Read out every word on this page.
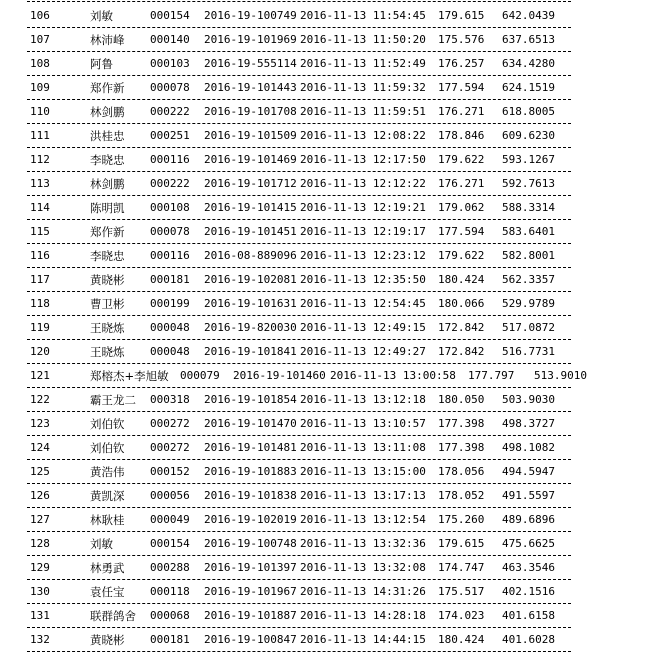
106	刘敏	000154 2016-19-100749 2016-11-13 11:54:45 179.615 642.0439
107	林沛峰 000140 2016-19-101969 2016-11-13 11:50:20 175.576 637.6513
108	阿鲁	000103 2016-19-555114 2016-11-13 11:52:49 176.257 634.4280
109	郑作新 000078 2016-19-101443 2016-11-13 11:59:32 177.594 624.1519
110	林剑鹏 000222 2016-19-101708 2016-11-13 11:59:51 176.271 618.8005
111	洪桂忠 000251 2016-19-101509 2016-11-13 12:08:22 178.846 609.6230
112	李晓忠 000116 2016-19-101469 2016-11-13 12:17:50 179.622 593.1267
113	林剑鹏 000222 2016-19-101712 2016-11-13 12:12:22 176.271 592.7613
114	陈明凯 000108 2016-19-101415 2016-11-13 12:19:21 179.062 588.3314
115	郑作新 000078 2016-19-101451 2016-11-13 12:19:17 177.594 583.6401
116	李晓忠 000116 2016-08-889096 2016-11-13 12:23:12 179.622 582.8001
117	黄晓彬 000181 2016-19-102081 2016-11-13 12:35:50 180.424 562.3357
118	曹卫彬 000199 2016-19-101631 2016-11-13 12:54:45 180.066 529.9789
119	王晓炼 000048 2016-19-820030 2016-11-13 12:49:15 172.842 517.0872
120	王晓炼 000048 2016-19-101841 2016-11-13 12:49:27 172.842 516.7731
121	郑榕杰+李旭敏 000079 2016-19-101460 2016-11-13 13:00:58 177.797 513.9010
122	霸王龙二 000318 2016-19-101854 2016-11-13 13:12:18 180.050 503.9030
123	刘伯钦 000272 2016-19-101470 2016-11-13 13:10:57 177.398 498.3727
124	刘伯钦 000272 2016-19-101481 2016-11-13 13:11:08 177.398 498.1082
125	黄浩伟 000152 2016-19-101883 2016-11-13 13:15:00 178.056 494.5947
126	黄凯深 000056 2016-19-101838 2016-11-13 13:17:13 178.052 491.5597
127	林耿桂 000049 2016-19-102019 2016-11-13 13:12:54 175.260 489.6896
128	刘敏	000154 2016-19-100748 2016-11-13 13:32:36 179.615 475.6625
129	林勇武 000288 2016-19-101397 2016-11-13 13:32:08 174.747 463.3546
130	袁任宝 000118 2016-19-101967 2016-11-13 14:31:26 175.517 402.1516
131	联群鸽舍 000068 2016-19-101887 2016-11-13 14:28:18 174.023 401.6158
132	黄晓彬 000181 2016-19-100847 2016-11-13 14:44:15 180.424 401.6028
